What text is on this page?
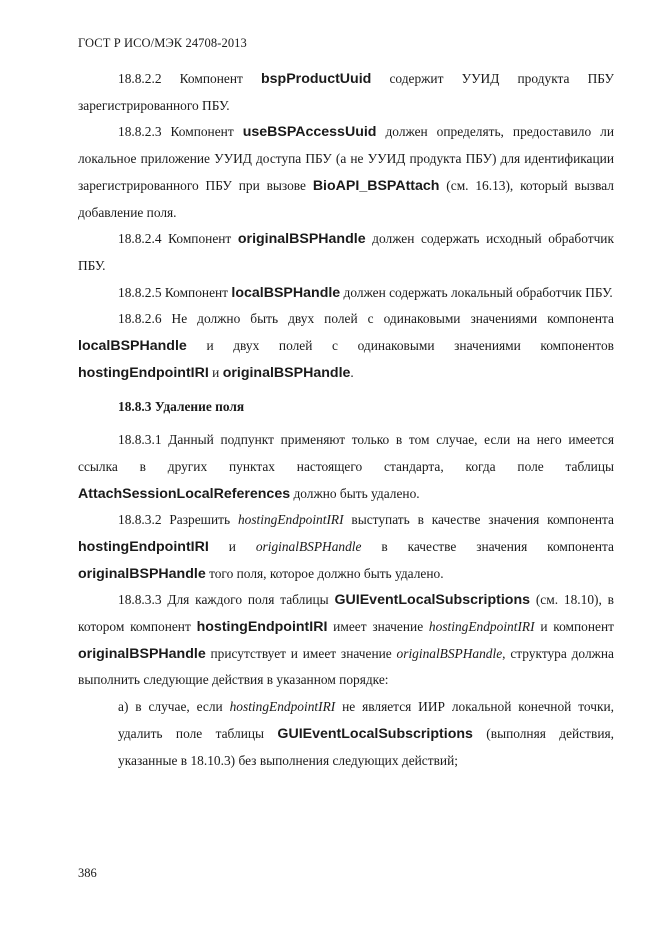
ГОСТ Р ИСО/МЭК 24708-2013

18.8.2.2 Компонент bspProductUuid содержит УУИД продукта ПБУ зарегистрированного ПБУ.

18.8.2.3 Компонент useBSPAccessUuid должен определять, предоставило ли локальное приложение УУИД доступа ПБУ (а не УУИД продукта ПБУ) для идентификации зарегистрированного ПБУ при вызове BioAPI_BSPAttach (см. 16.13), который вызвал добавление поля.

18.8.2.4 Компонент originalBSPHandle должен содержать исходный обработчик ПБУ.

18.8.2.5 Компонент localBSPHandle должен содержать локальный обработчик ПБУ.

18.8.2.6 Не должно быть двух полей с одинаковыми значениями компонента localBSPHandle и двух полей с одинаковыми значениями компонентов hostingEndpointIRI и originalBSPHandle.

18.8.3 Удаление поля

18.8.3.1 Данный подпункт применяют только в том случае, если на него имеется ссылка в других пунктах настоящего стандарта, когда поле таблицы AttachSessionLocalReferences должно быть удалено.

18.8.3.2 Разрешить hostingEndpointIRI выступать в качестве значения компонента hostingEndpointIRI и originalBSPHandle в качестве значения компонента originalBSPHandle того поля, которое должно быть удалено.

18.8.3.3 Для каждого поля таблицы GUIEventLocalSubscriptions (см. 18.10), в котором компонент hostingEndpointIRI имеет значение hostingEndpointIRI и компонент originalBSPHandle присутствует и имеет значение originalBSPHandle, структура должна выполнить следующие действия в указанном порядке:

а) в случае, если hostingEndpointIRI не является ИИР локальной конечной точки, удалить поле таблицы GUIEventLocalSubscriptions (выполняя действия, указанные в 18.10.3) без выполнения следующих действий;

386
